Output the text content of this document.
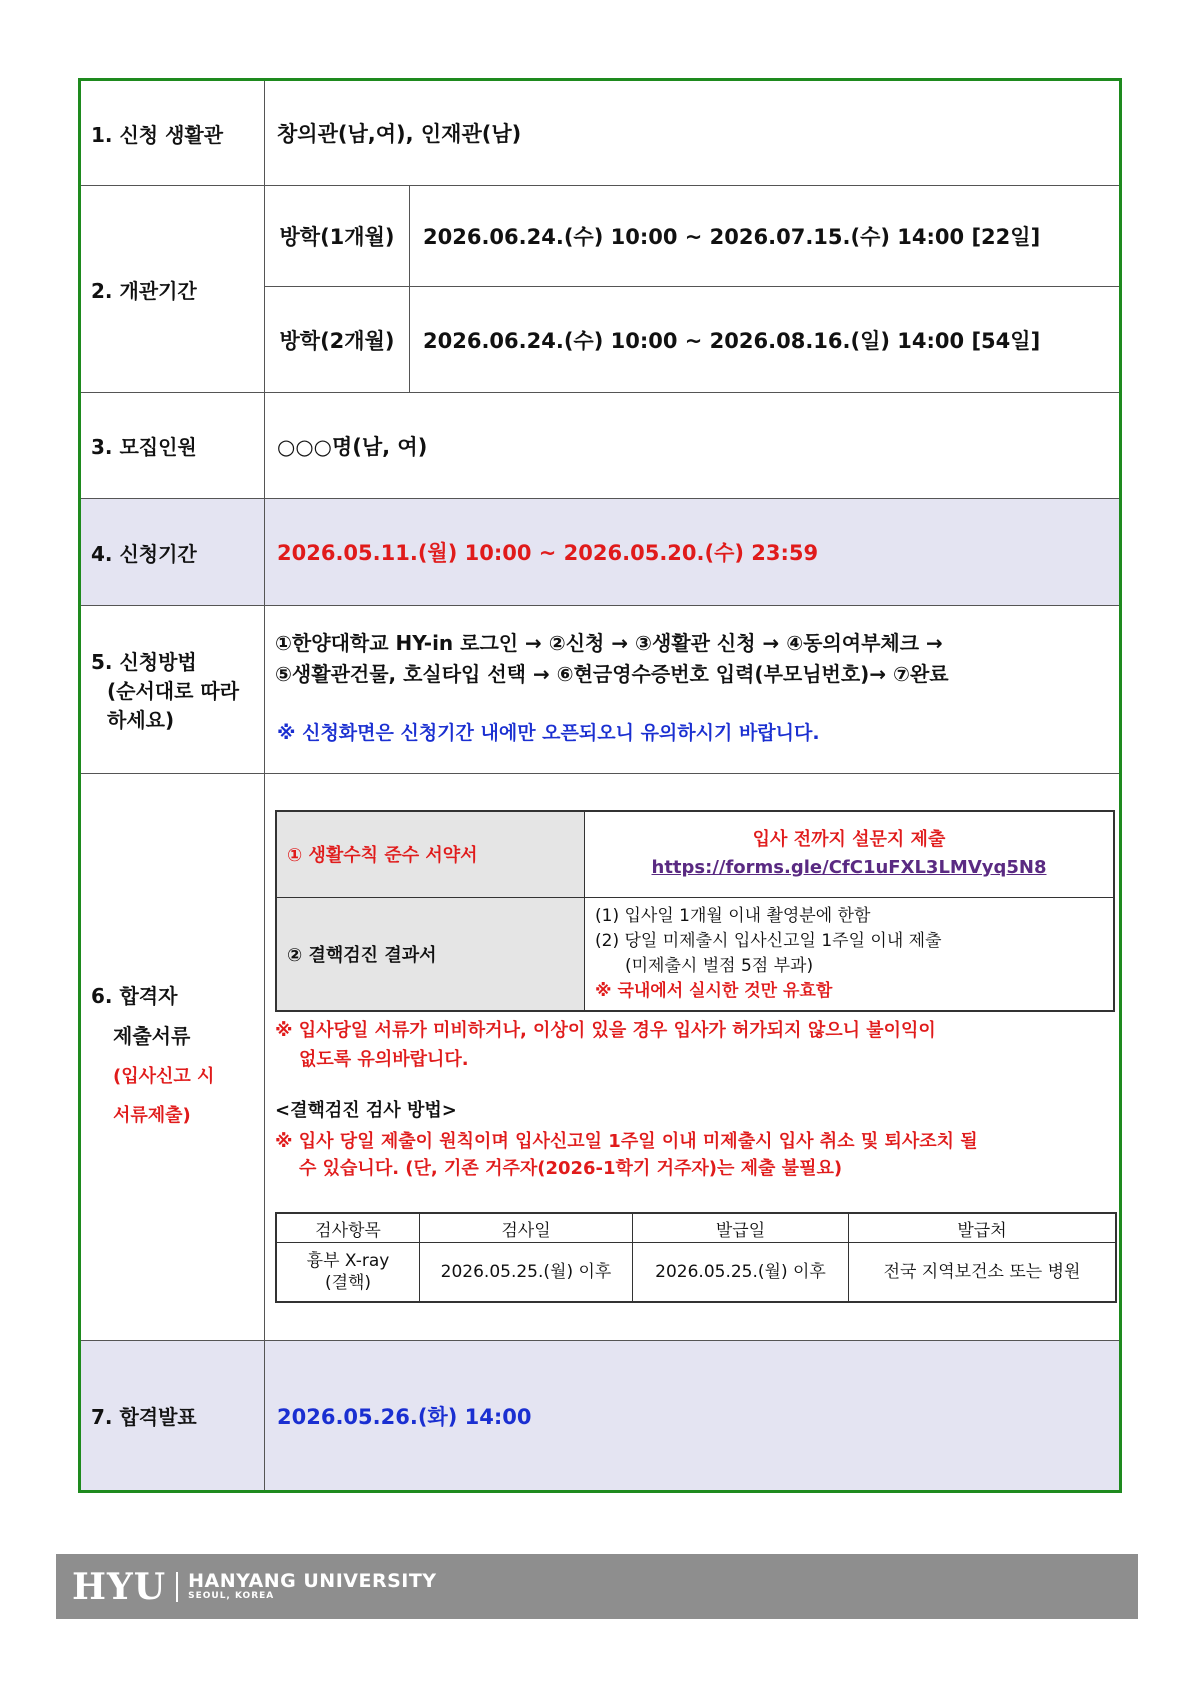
1. 신청 생활관	창의관(남,여), 인재관(남)
2. 개관기간
방학(1개월)	2026.06.24.(수) 10:00 ~ 2026.07.15.(수) 14:00 [22일]
방학(2개월)	2026.06.24.(수) 10:00 ~ 2026.08.16.(일) 14:00 [54일]
3. 모집인원	○○○명(남, 여)
4. 신청기간	2026.05.11.(월) 10:00 ~ 2026.05.20.(수) 23:59
5. 신청방법
(순서대로 따라 하세요)
①한양대학교 HY-in 로그인 → ②신청 → ③생활관 신청 → ④동의여부체크 →
⑤생활관건물, 호실타입 선택 → ⑥현금영수증번호 입력(부모님번호)→ ⑦완료
※ 신청화면은 신청기간 내에만 오픈되오니 유의하시기 바랍니다.
6. 합격자
제출서류
(입사신고 시
서류제출)
① 생활수칙 준수 서약서	입사 전까지 설문지 제출
https://forms.gle/CfC1uFXL3LMVyq5N8

② 결핵검진 결과서	(1) 입사일 1개월 이내 촬영분에 한함
(2) 당일 미제출시 입사신고일 1주일 이내 제출
(미제출시 벌점 5점 부과)
※ 국내에서 실시한 것만 유효함
※ 입사당일 서류가 미비하거나, 이상이 있을 경우 입사가 허가되지 않으니 불이익이
없도록 유의바랍니다.
<결핵검진 검사 방법>
※ 입사 당일 제출이 원칙이며 입사신고일 1주일 이내 미제출시 입사 취소 및 퇴사조치 될
수 있습니다. (단, 기존 거주자(2026-1학기 거주자)는 제출 불필요)
검사항목	검사일	발급일	발급처

흉부 X-ray
(결핵)	2026.05.25.(월) 이후	2026.05.25.(월) 이후	전국 지역보건소 또는 병원
7. 합격발표	2026.05.26.(화) 14:00
HYU HANYANG UNIVERSITY
SEOUL, KOREA
